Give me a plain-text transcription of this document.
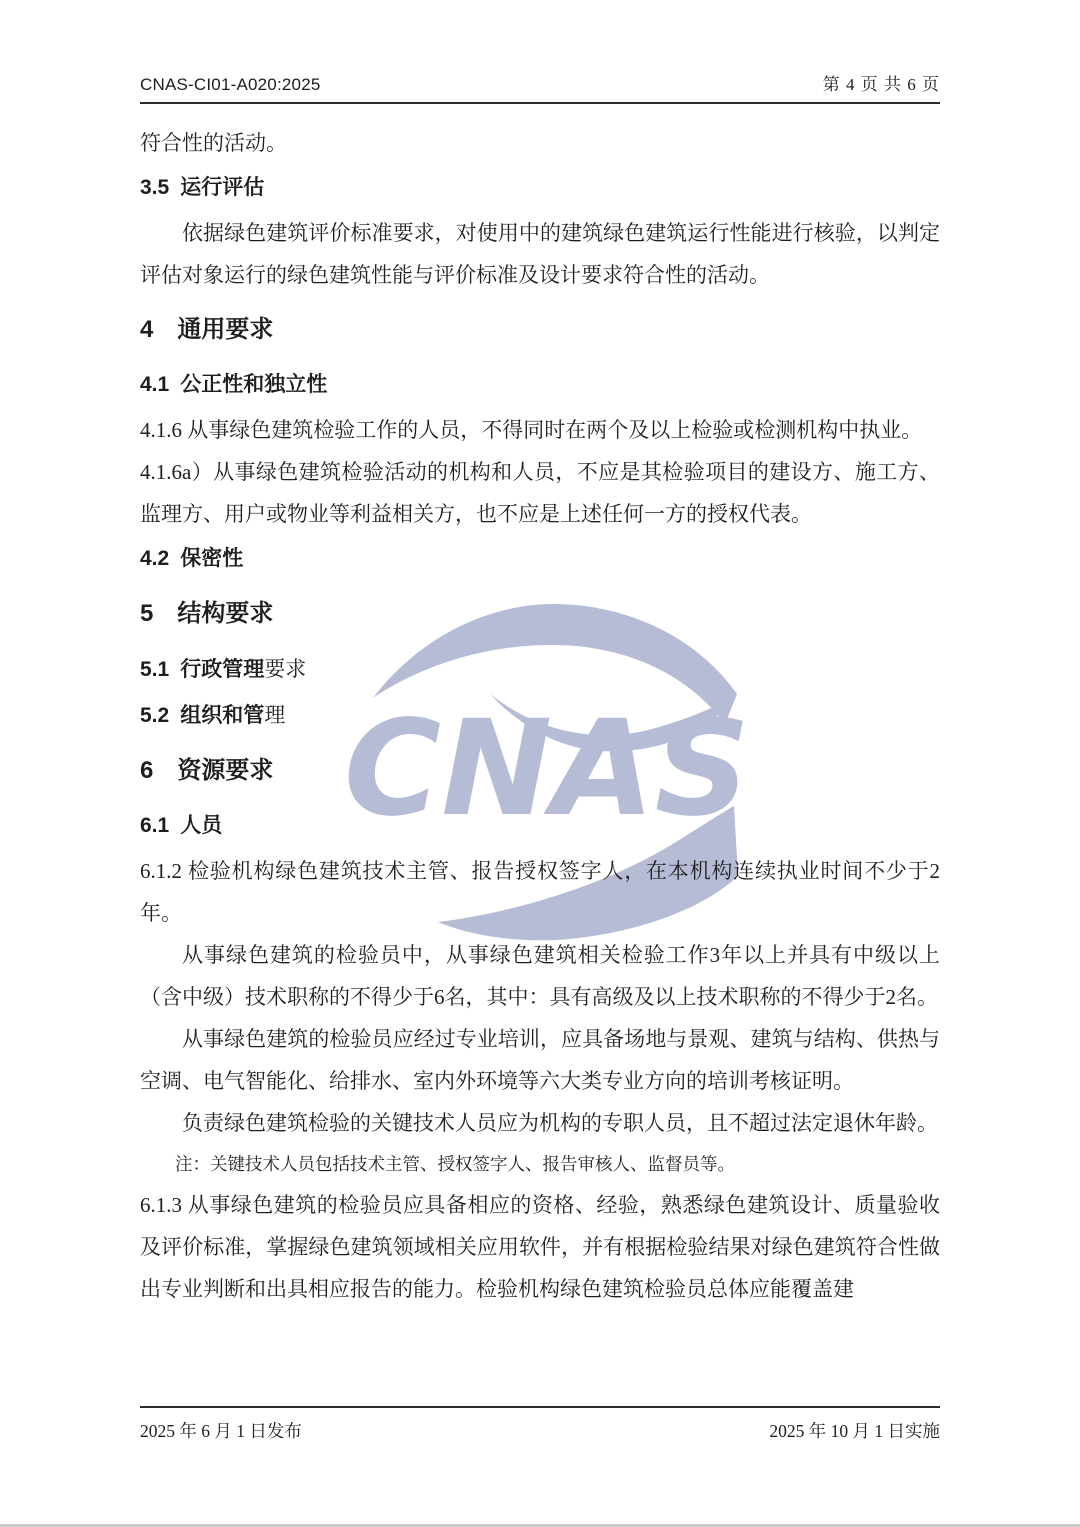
CNAS
CNAS-CI01-A020:2025	第 4 页 共 6 页

符合性的活动。

3.5 运行评估

依据绿色建筑评价标准要求，对使用中的建筑绿色建筑运行性能进行核验，以判定评估对象运行的绿色建筑性能与评价标准及设计要求符合性的活动。

4 通用要求
4.1 公正性和独立性

4.1.6 从事绿色建筑检验工作的人员，不得同时在两个及以上检验或检测机构中执业。

4.1.6a）从事绿色建筑检验活动的机构和人员，不应是其检验项目的建设方、施工方、监理方、用户或物业等利益相关方，也不应是上述任何一方的授权代表。

4.2 保密性
5 结构要求
5.1 行政管理要求
5.2 组织和管理
6 资源要求
6.1 人员

6.1.2 检验机构绿色建筑技术主管、报告授权签字人，在本机构连续执业时间不少于2年。

从事绿色建筑的检验员中，从事绿色建筑相关检验工作3年以上并具有中级以上（含中级）技术职称的不得少于6名，其中：具有高级及以上技术职称的不得少于2名。

从事绿色建筑的检验员应经过专业培训，应具备场地与景观、建筑与结构、供热与空调、电气智能化、给排水、室内外环境等六大类专业方向的培训考核证明。

负责绿色建筑检验的关键技术人员应为机构的专职人员，且不超过法定退休年龄。

注：关键技术人员包括技术主管、授权签字人、报告审核人、监督员等。

6.1.3 从事绿色建筑的检验员应具备相应的资格、经验，熟悉绿色建筑设计、质量验收及评价标准，掌握绿色建筑领域相关应用软件，并有根据检验结果对绿色建筑符合性做出专业判断和出具相应报告的能力。检验机构绿色建筑检验员总体应能覆盖建

2025 年 6 月 1 日发布	2025 年 10 月 1 日实施
